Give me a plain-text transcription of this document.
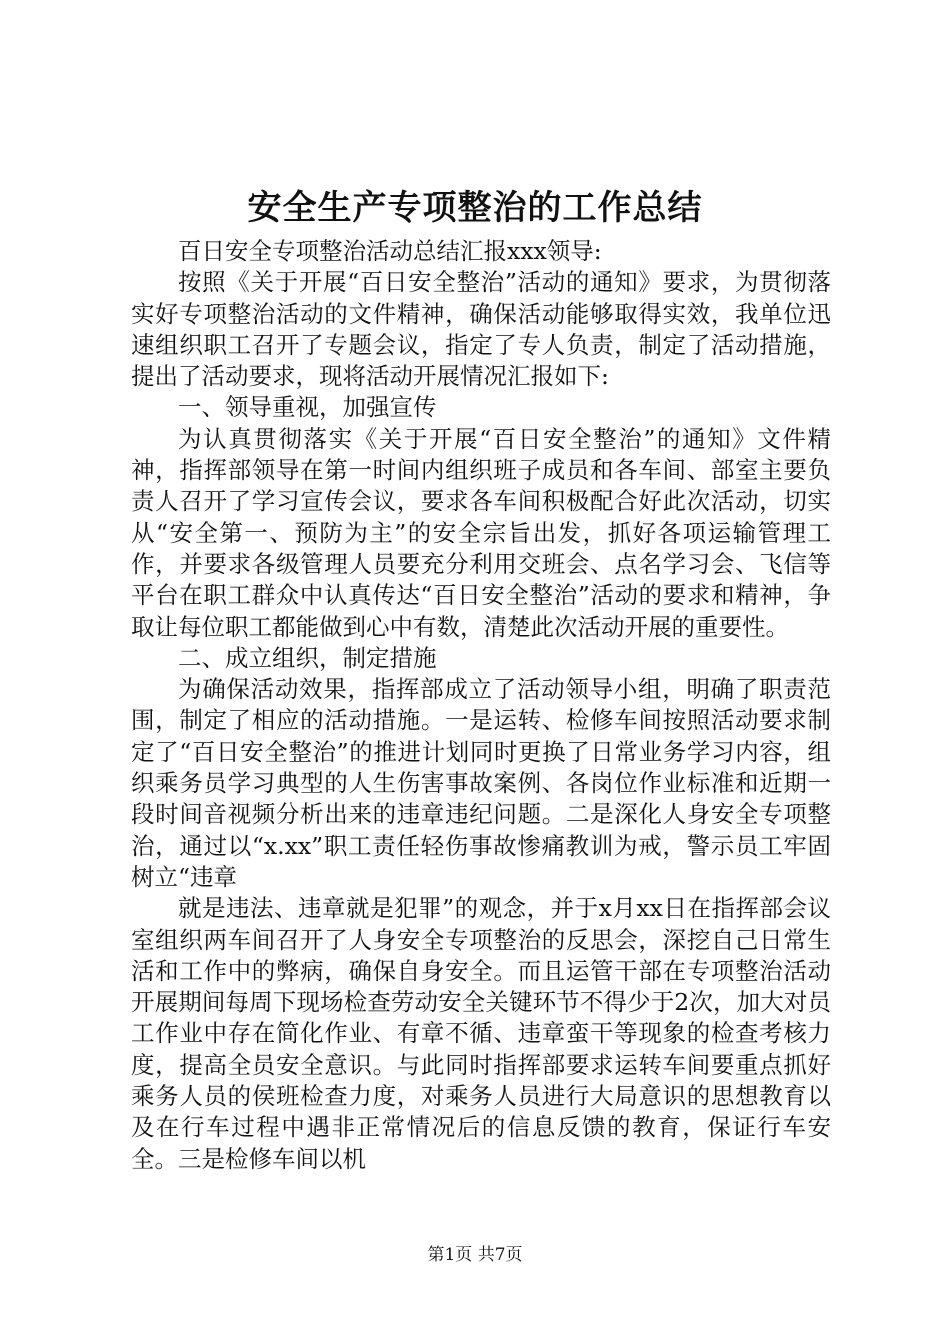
安全生产专项整治的工作总结

百日安全专项整治活动总结汇报xxx领导:

按照《关于开展“百日安全整治”活动的通知》要求，为贯彻落实好专项整治活动的文件精神，确保活动能够取得实效，我单位迅速组织职工召开了专题会议，指定了专人负责，制定了活动措施，提出了活动要求，现将活动开展情况汇报如下:

一、领导重视，加强宣传

为认真贯彻落实《关于开展“百日安全整治”的通知》文件精神，指挥部领导在第一时间内组织班子成员和各车间、部室主要负责人召开了学习宣传会议，要求各车间积极配合好此次活动，切实从“安全第一、预防为主”的安全宗旨出发，抓好各项运输管理工作，并要求各级管理人员要充分利用交班会、点名学习会、飞信等平台在职工群众中认真传达“百日安全整治”活动的要求和精神，争取让每位职工都能做到心中有数，清楚此次活动开展的重要性。

二、成立组织，制定措施

为确保活动效果，指挥部成立了活动领导小组，明确了职责范围，制定了相应的活动措施。一是运转、检修车间按照活动要求制定了“百日安全整治”的推进计划同时更换了日常业务学习内容，组织乘务员学习典型的人生伤害事故案例、各岗位作业标准和近期一段时间音视频分析出来的违章违纪问题。二是深化人身安全专项整治，通过以“x.xx”职工责任轻伤事故惨痛教训为戒，警示员工牢固树立“违章

就是违法、违章就是犯罪”的观念，并于x月xx日在指挥部会议室组织两车间召开了人身安全专项整治的反思会，深挖自己日常生活和工作中的弊病，确保自身安全。而且运管干部在专项整治活动开展期间每周下现场检查劳动安全关键环节不得少于2次，加大对员工作业中存在简化作业、有章不循、违章蛮干等现象的检查考核力度，提高全员安全意识。与此同时指挥部要求运转车间要重点抓好乘务人员的侯班检查力度，对乘务人员进行大局意识的思想教育以及在行车过程中遇非正常情况后的信息反馈的教育，保证行车安全。三是检修车间以机

第1页 共7页
